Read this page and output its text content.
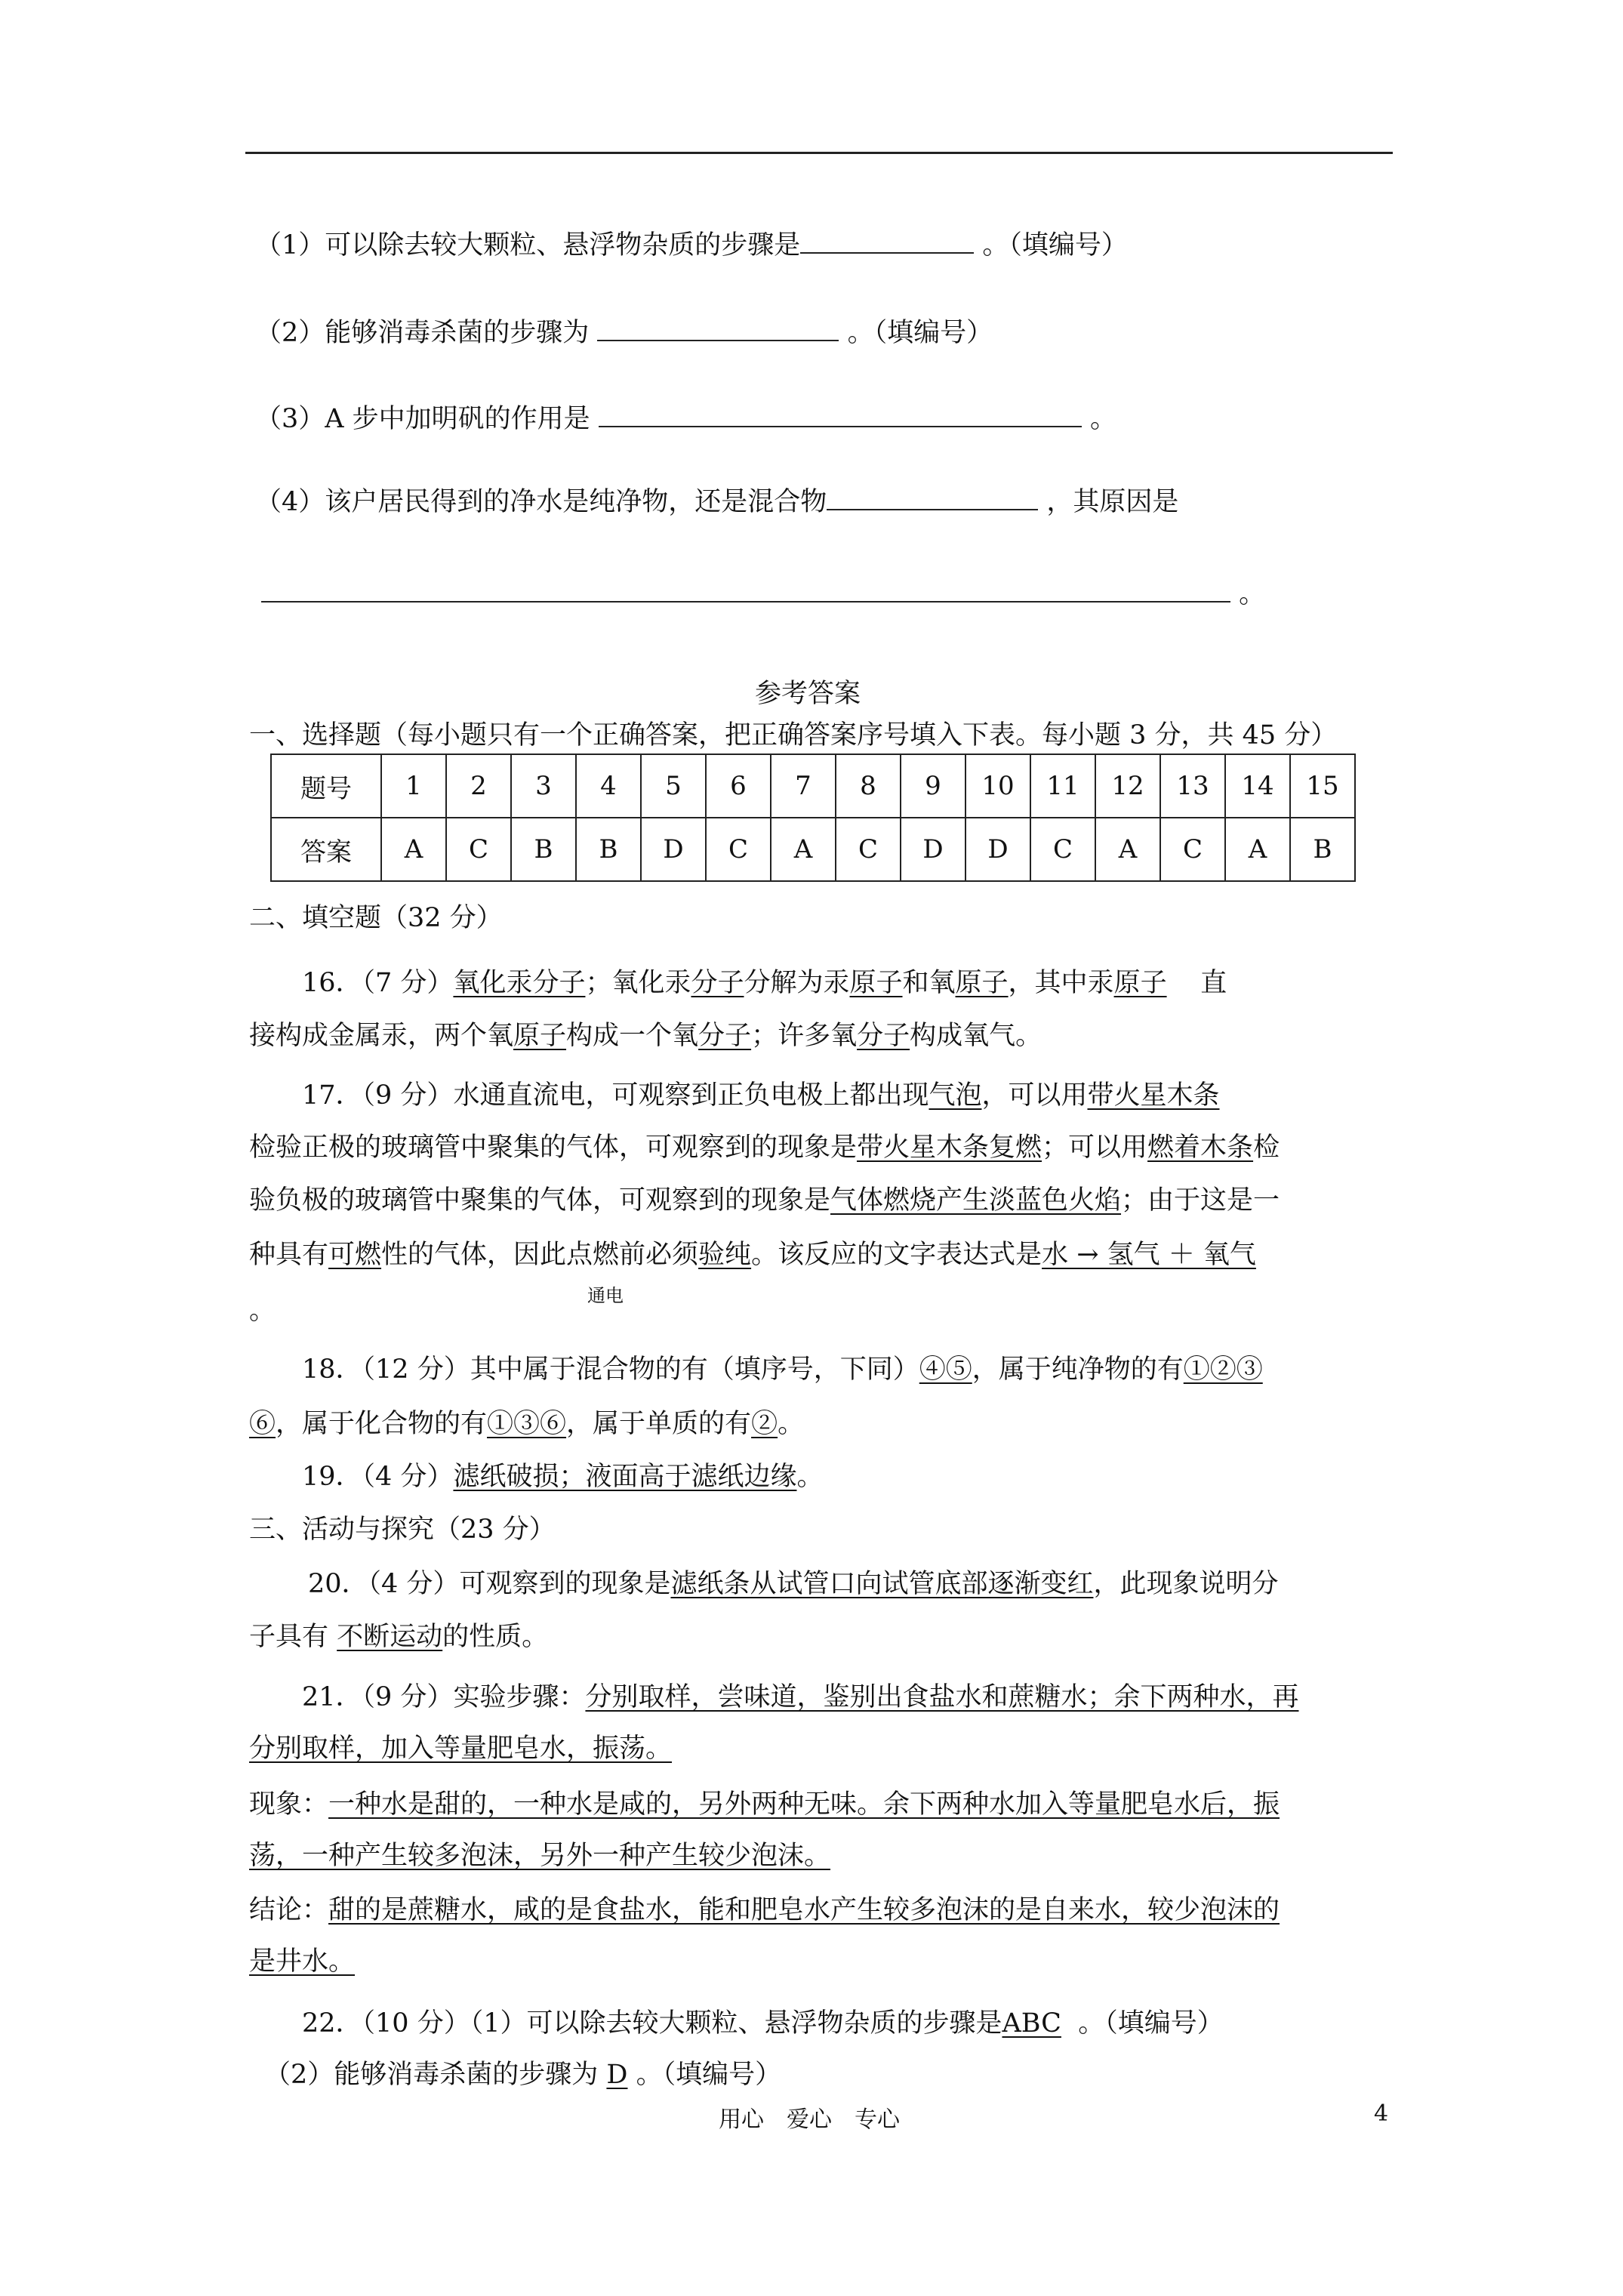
（1）可以除去较大颗粒、悬浮物杂质的步骤是	。（填编号）
（2）能够消毒杀菌的步骤为	。（填编号）
（3）A 步中加明矾的作用是	。
（4）该户居民得到的净水是纯净物，还是混合物	，其原因是
。
参考答案
一、选择题（每小题只有一个正确答案，把正确答案序号填入下表。每小题 3 分，共 45 分）
题号	1	2	3	4	5	6	7	8	9	10	11	12	13	14	15
答案	A	C	B	B	D	C	A	C	D	D	C	A	C	A	B
二、填空题（32 分）
16．（7 分）氧化汞分子；氧化汞分子分解为汞原子和氧原子，其中汞原子 直
接构成金属汞，两个氧原子构成一个氧分子；许多氧分子构成氧气。
17．（9 分）水通直流电，可观察到正负电极上都出现气泡，可以用带火星木条
检验正极的玻璃管中聚集的气体，可观察到的现象是带火星木条复燃；可以用燃着木条检
验负极的玻璃管中聚集的气体，可观察到的现象是气体燃烧产生淡蓝色火焰；由于这是一
种具有可燃性的气体，因此点燃前必须验纯。该反应的文字表达式是水 → 氢气 ＋ 氧气
通电
。
18．（12 分）其中属于混合物的有（填序号，下同）④⑤，属于纯净物的有①②③
⑥，属于化合物的有①③⑥，属于单质的有②。
19．（4 分）滤纸破损；液面高于滤纸边缘。
三、活动与探究（23 分）
20．（4 分）可观察到的现象是滤纸条从试管口向试管底部逐渐变红，此现象说明分
子具有 不断运动的性质。
21．（9 分）实验步骤：分别取样，尝味道，鉴别出食盐水和蔗糖水；余下两种水，再
分别取样，加入等量肥皂水，振荡。
现象：一种水是甜的，一种水是咸的，另外两种无味。余下两种水加入等量肥皂水后，振
荡，一种产生较多泡沫，另外一种产生较少泡沫。
结论：甜的是蔗糖水，咸的是食盐水，能和肥皂水产生较多泡沫的是自来水，较少泡沫的
是井水。
22．（10 分）（1）可以除去较大颗粒、悬浮物杂质的步骤是ABC 。（填编号）
（2）能够消毒杀菌的步骤为 D 。（填编号）
用心　爱心　专心	4
